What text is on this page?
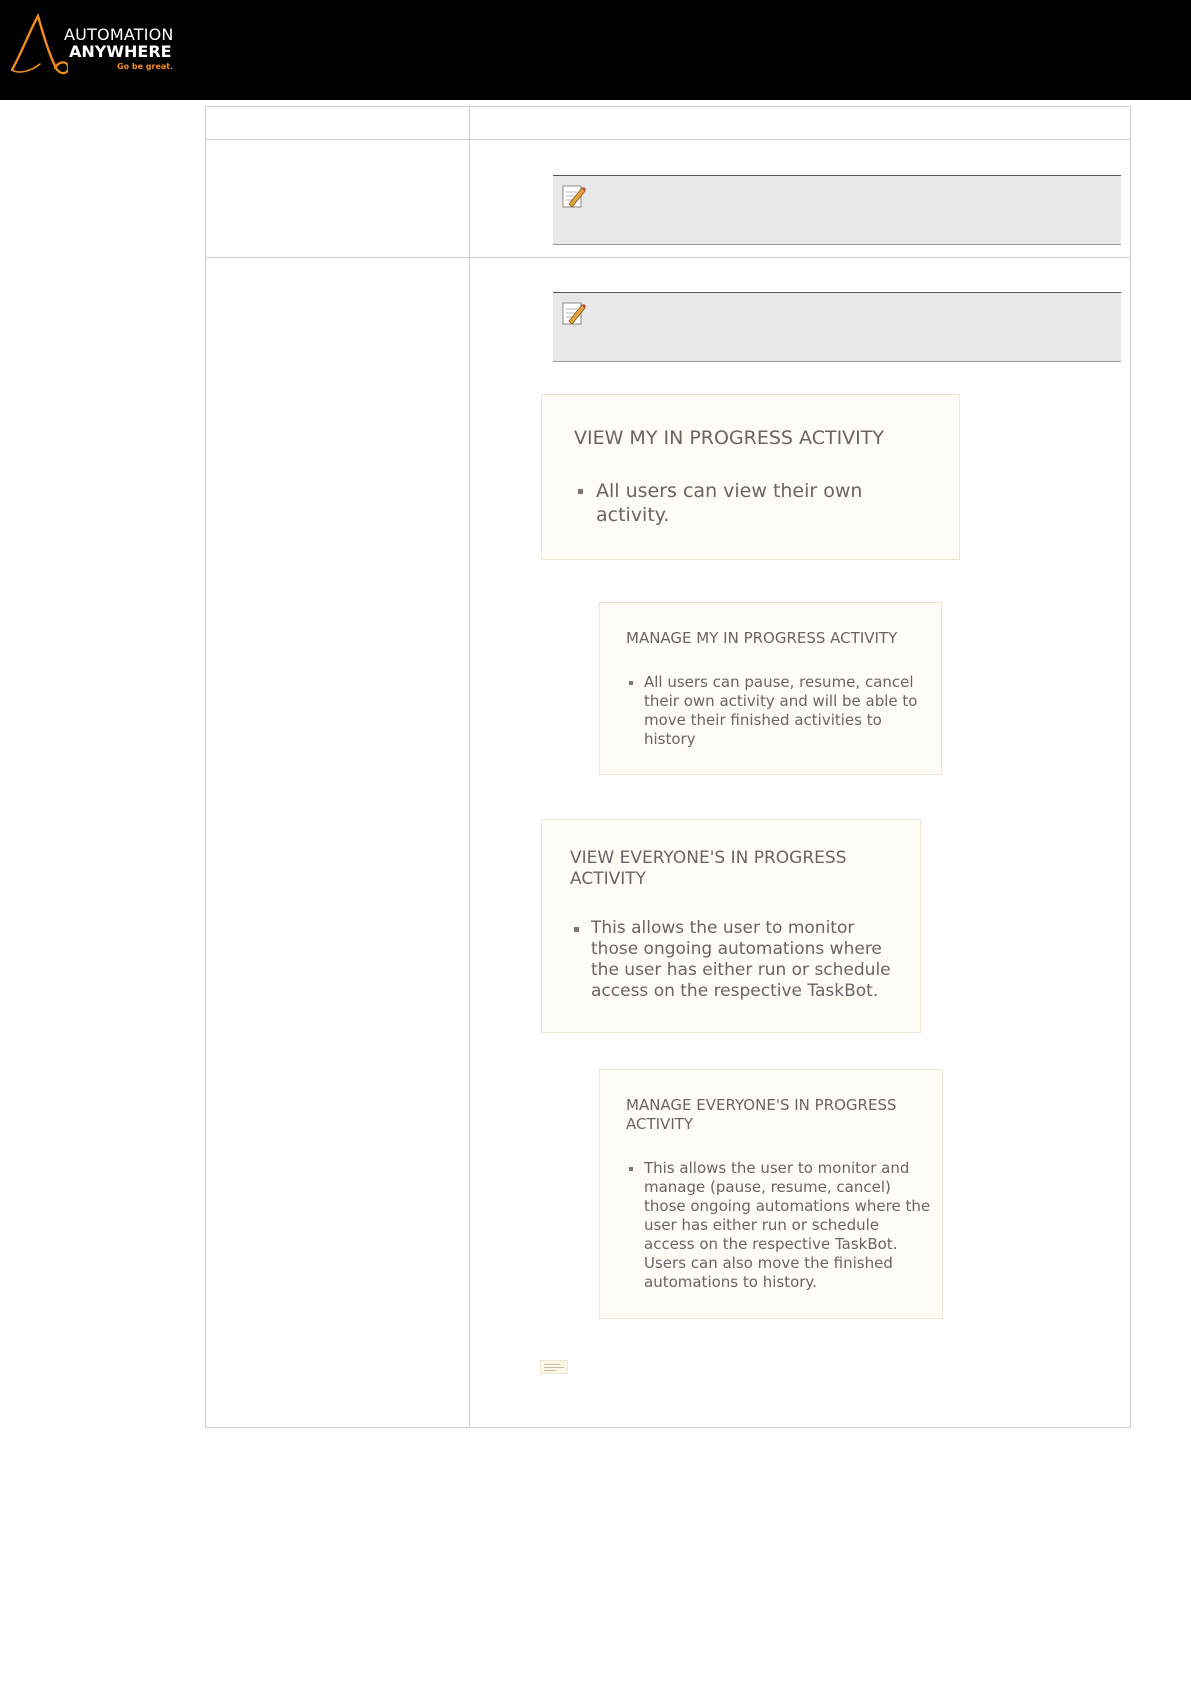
AUTOMATION
ANYWHERE
Go be great.
VIEW MY IN PROGRESS ACTIVITY
All users can view their own activity.
MANAGE MY IN PROGRESS ACTIVITY
All users can pause, resume, cancel their own activity and will be able to move their finished activities to history
VIEW EVERYONE'S IN PROGRESS ACTIVITY
This allows the user to monitor those ongoing automations where the user has either run or schedule access on the respective TaskBot.
MANAGE EVERYONE'S IN PROGRESS ACTIVITY
This allows the user to monitor and manage (pause, resume, cancel) those ongoing automations where the user has either run or schedule access on the respective TaskBot. Users can also move the finished automations to history.
